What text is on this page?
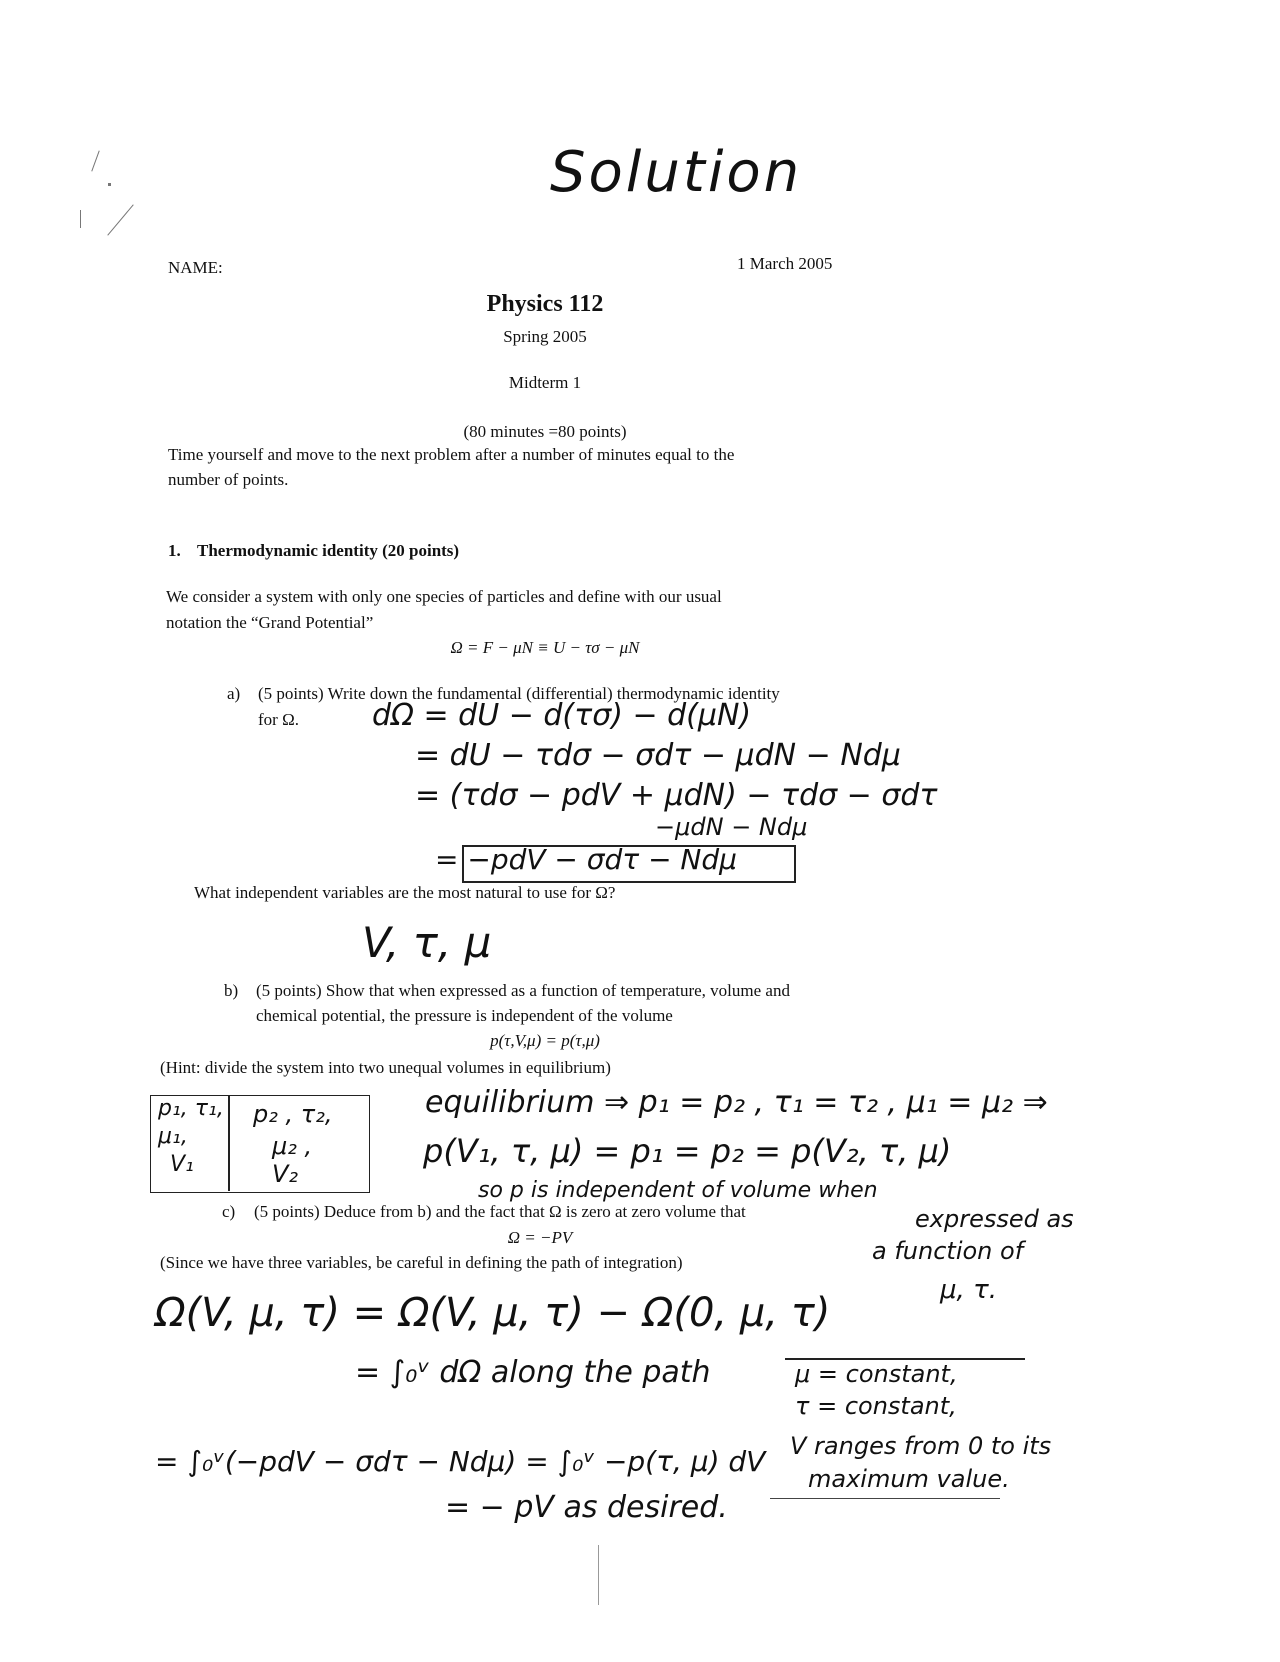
Solution
NAME:	1 March 2005
Physics 112
Spring 2005
Midterm 1
(80 minutes =80 points)
Time yourself and move to the next problem after a number of minutes equal to the
number of points.
1. Thermodynamic identity (20 points)
We consider a system with only one species of particles and define with our usual
notation the “Grand Potential”
Ω = F − μN ≡ U − τσ − μN
a) (5 points) Write down the fundamental (differential) thermodynamic identity
for Ω. dΩ = dU − d(τσ) − d(μN)
= dU − τdσ − σdτ − μdN − Ndμ
= (τdσ − pdV + μdN) − τdσ − σdτ
−μdN − Ndμ
= −pdV − σdτ − Ndμ
What independent variables are the most natural to use for Ω?
V, τ, μ
b) (5 points) Show that when expressed as a function of temperature, volume and
chemical potential, the pressure is independent of the volume
p(τ,V,μ) = p(τ,μ)
(Hint: divide the system into two unequal volumes in equilibrium)
p₁, τ₁,
μ₁,
V₁
p₂ , τ₂,
μ₂ ,
V₂
equilibrium ⇒ p₁ = p₂ , τ₁ = τ₂ , μ₁ = μ₂ ⇒
p(V₁, τ, μ) = p₁ = p₂ = p(V₂, τ, μ)
so p is independent of volume when
expressed as
a function of
μ, τ.
c) (5 points) Deduce from b) and the fact that Ω is zero at zero volume that
Ω = −PV
(Since we have three variables, be careful in defining the path of integration)
Ω(V, μ, τ) = Ω(V, μ, τ) − Ω(0, μ, τ)
= ∫₀ᵛ dΩ along the path	μ = constant,
τ = constant,
= ∫₀ᵛ(−pdV − σdτ − Ndμ) = ∫₀ᵛ −p(τ, μ) dV V ranges from 0 to its
maximum value.
= − pV as desired.
